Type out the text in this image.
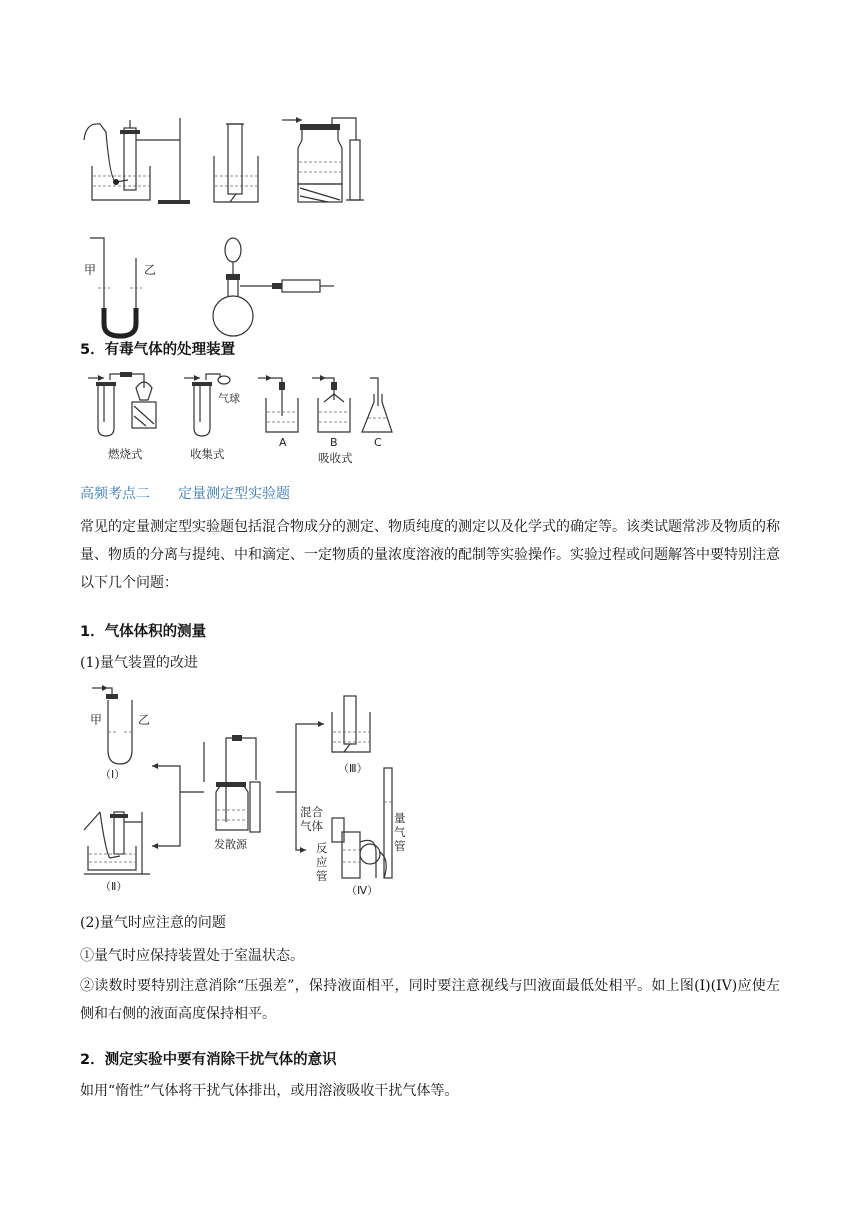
甲	乙
5．有毒气体的处理装置
燃烧式
气球
收集式
A	B
吸收式
C
高频考点二 定量测定型实验题
常见的定量测定型实验题包括混合物成分的测定、物质纯度的测定以及化学式的确定等。该类试题常涉及物质的称量、物质的分离与提纯、中和滴定、一定物质的量浓度溶液的配制等实验操作。实验过程或问题解答中要特别注意以下几个问题：
1．气体体积的测量
(1)量气装置的改进
甲	乙
（Ⅰ）
（Ⅱ）
发散源
（Ⅲ）
混合
气体
反
应
管
量
气
管
（Ⅳ）
(2)量气时应注意的问题
①量气时应保持装置处于室温状态。
②读数时要特别注意消除“压强差”，保持液面相平，同时要注意视线与凹液面最低处相平。如上图(I)(IV)应使左侧和右侧的液面高度保持相平。
2．测定实验中要有消除干扰气体的意识
如用“惰性”气体将干扰气体排出，或用溶液吸收干扰气体等。
